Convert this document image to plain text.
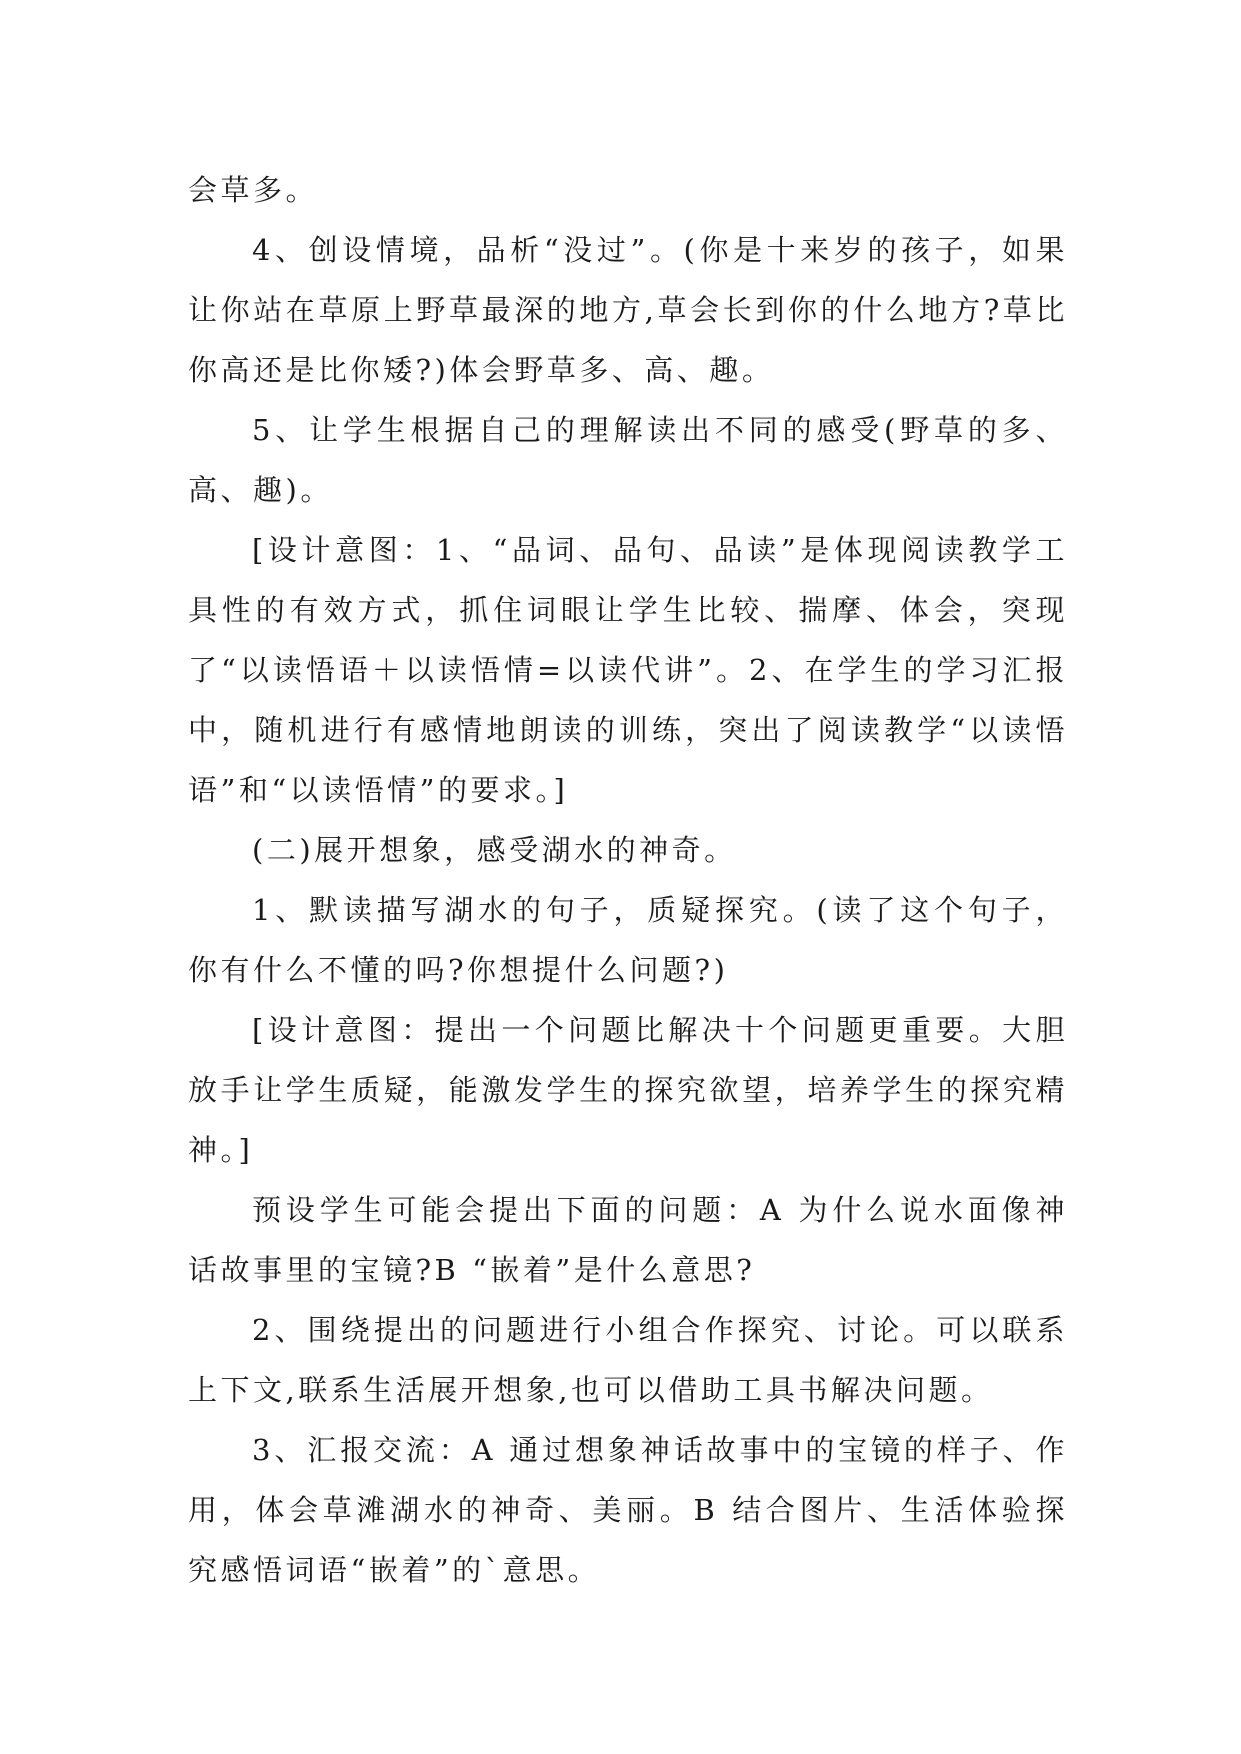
会草多。

4、创设情境，品析“没过”。(你是十来岁的孩子，如果让你站在草原上野草最深的地方,草会长到你的什么地方?草比你高还是比你矮?)体会野草多、高、趣。

5、让学生根据自己的理解读出不同的感受(野草的多、高、趣)。

[设计意图：1、“品词、品句、品读”是体现阅读教学工具性的有效方式，抓住词眼让学生比较、揣摩、体会，突现了“以读悟语＋以读悟情=以读代讲”。2、在学生的学习汇报中，随机进行有感情地朗读的训练，突出了阅读教学“以读悟语”和“以读悟情”的要求。]

(二)展开想象，感受湖水的神奇。

1、默读描写湖水的句子，质疑探究。(读了这个句子，你有什么不懂的吗?你想提什么问题?)

[设计意图：提出一个问题比解决十个问题更重要。大胆放手让学生质疑，能激发学生的探究欲望，培养学生的探究精神。]

预设学生可能会提出下面的问题：A 为什么说水面像神话故事里的宝镜?B “嵌着”是什么意思?

2、围绕提出的问题进行小组合作探究、讨论。可以联系上下文,联系生活展开想象,也可以借助工具书解决问题。

3、汇报交流：A 通过想象神话故事中的宝镜的样子、作用，体会草滩湖水的神奇、美丽。B 结合图片、生活体验探究感悟词语“嵌着”的`意思。
